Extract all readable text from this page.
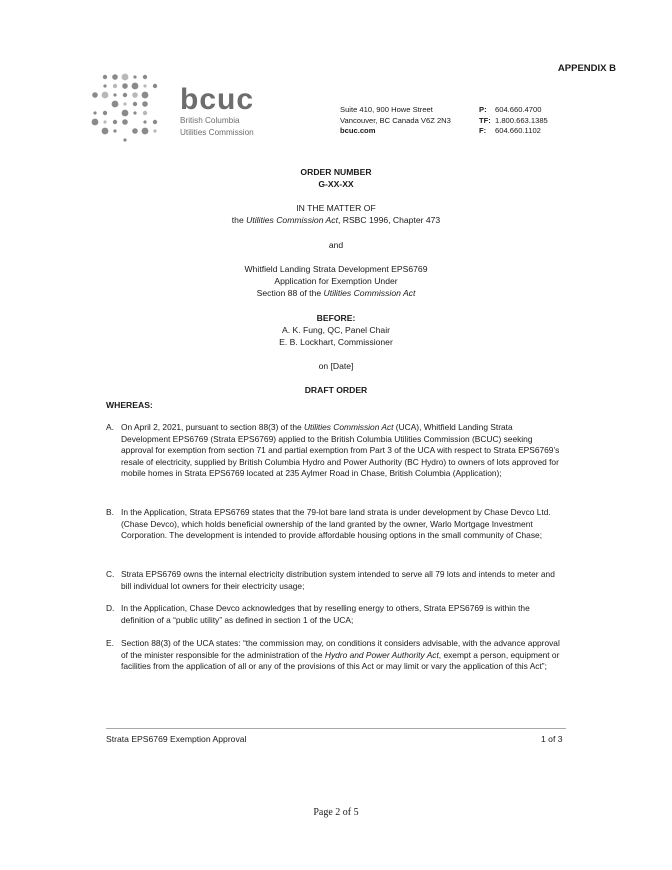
APPENDIX B
bcuc
British Columbia
Utilities Commission
Suite 410, 900 Howe Street
Vancouver, BC Canada V6Z 2N3
bcuc.com
P: 604.660.4700
TF: 1.800.663.1385
F: 604.660.1102
ORDER NUMBER
G-XX-XX
IN THE MATTER OF
the Utilities Commission Act, RSBC 1996, Chapter 473
and
Whitfield Landing Strata Development EPS6769
Application for Exemption Under
Section 88 of the Utilities Commission Act
BEFORE:
A. K. Fung, QC, Panel Chair
E. B. Lockhart, Commissioner
on [Date]
DRAFT ORDER
WHEREAS:
A. On April 2, 2021, pursuant to section 88(3) of the Utilities Commission Act (UCA), Whitfield Landing Strata Development EPS6769 (Strata EPS6769) applied to the British Columbia Utilities Commission (BCUC) seeking approval for exemption from section 71 and partial exemption from Part 3 of the UCA with respect to Strata EPS6769’s resale of electricity, supplied by British Columbia Hydro and Power Authority (BC Hydro) to owners of lots approved for mobile homes in Strata EPS6769 located at 235 Aylmer Road in Chase, British Columbia (Application);
B. In the Application, Strata EPS6769 states that the 79-lot bare land strata is under development by Chase Devco Ltd. (Chase Devco), which holds beneficial ownership of the land granted by the owner, Warlo Mortgage Investment Corporation. The development is intended to provide affordable housing options in the small community of Chase;
C. Strata EPS6769 owns the internal electricity distribution system intended to serve all 79 lots and intends to meter and bill individual lot owners for their electricity usage;
D. In the Application, Chase Devco acknowledges that by reselling energy to others, Strata EPS6769 is within the definition of a “public utility” as defined in section 1 of the UCA;
E. Section 88(3) of the UCA states: “the commission may, on conditions it considers advisable, with the advance approval of the minister responsible for the administration of the Hydro and Power Authority Act, exempt a person, equipment or facilities from the application of all or any of the provisions of this Act or may limit or vary the application of this Act”;
Strata EPS6769 Exemption Approval	1 of 3
Page 2 of 5
